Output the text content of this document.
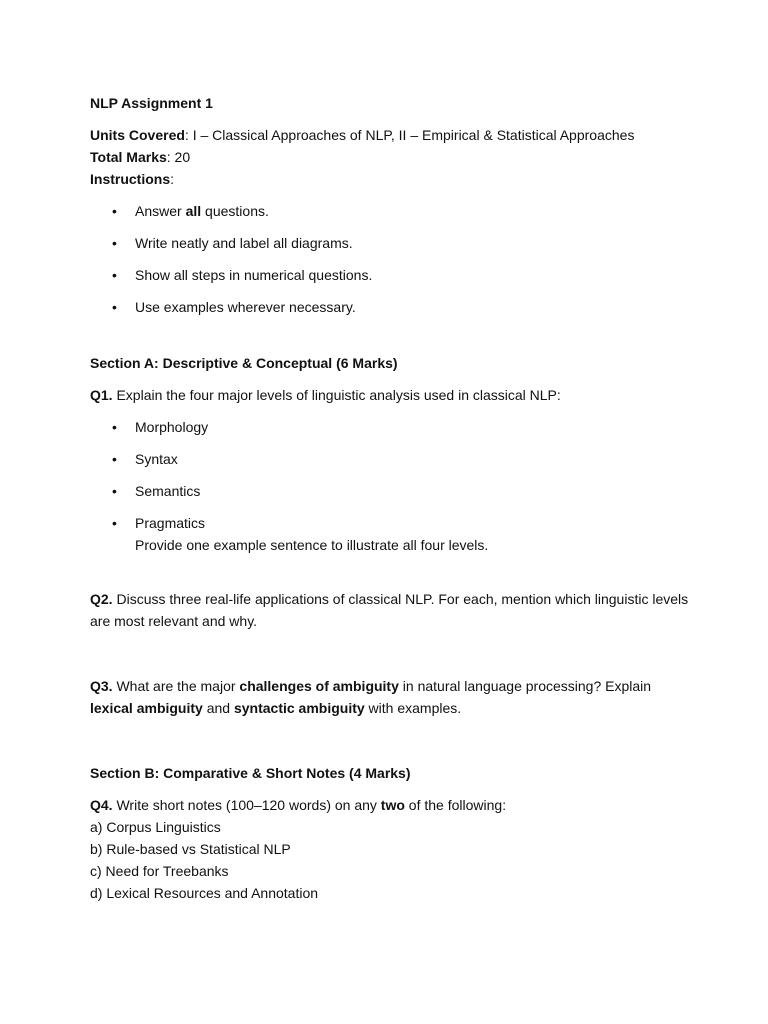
NLP Assignment 1

Units Covered: I – Classical Approaches of NLP, II – Empirical & Statistical Approaches

Total Marks: 20

Instructions:

• Answer all questions.
• Write neatly and label all diagrams.
• Show all steps in numerical questions.
• Use examples wherever necessary.

Section A: Descriptive & Conceptual (6 Marks)

Q1. Explain the four major levels of linguistic analysis used in classical NLP:

• Morphology
• Syntax
• Semantics
• Pragmatics
Provide one example sentence to illustrate all four levels.

Q2. Discuss three real-life applications of classical NLP. For each, mention which linguistic levels are most relevant and why.

Q3. What are the major challenges of ambiguity in natural language processing? Explain lexical ambiguity and syntactic ambiguity with examples.

Section B: Comparative & Short Notes (4 Marks)

Q4. Write short notes (100–120 words) on any two of the following:

a) Corpus Linguistics

b) Rule-based vs Statistical NLP

c) Need for Treebanks

d) Lexical Resources and Annotation
